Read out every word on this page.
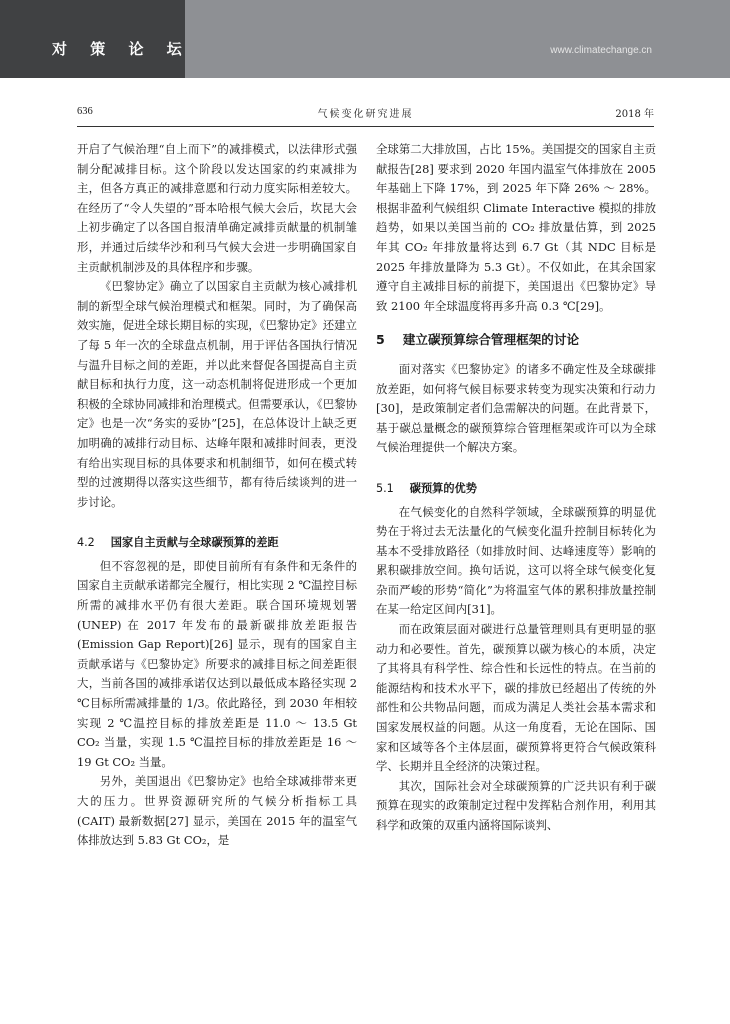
对 策 论 坛	www.climatechange.cn
636	气候变化研究进展	2018 年

开启了气候治理“自上而下”的减排模式，以法律形式强制分配减排目标。这个阶段以发达国家的约束减排为主，但各方真正的减排意愿和行动力度实际相差较大。在经历了“令人失望的”哥本哈根气候大会后，坎昆大会上初步确定了以各国自报清单确定减排贡献量的机制雏形，并通过后续华沙和利马气候大会进一步明确国家自主贡献机制涉及的具体程序和步骤。

《巴黎协定》确立了以国家自主贡献为核心减排机制的新型全球气候治理模式和框架。同时，为了确保高效实施，促进全球长期目标的实现，《巴黎协定》还建立了每 5 年一次的全球盘点机制，用于评估各国执行情况与温升目标之间的差距，并以此来督促各国提高自主贡献目标和执行力度，这一动态机制将促进形成一个更加积极的全球协同减排和治理模式。但需要承认，《巴黎协定》也是一次“务实的妥协”[25]，在总体设计上缺乏更加明确的减排行动目标、达峰年限和减排时间表，更没有给出实现目标的具体要求和机制细节，如何在模式转型的过渡期得以落实这些细节，都有待后续谈判的进一步讨论。

4.2 国家自主贡献与全球碳预算的差距

但不容忽视的是，即使目前所有有条件和无条件的国家自主贡献承诺都完全履行，相比实现 2 ℃温控目标所需的减排水平仍有很大差距。联合国环境规划署 (UNEP) 在 2017 年发布的最新碳排放差距报告 (Emission Gap Report)[26] 显示，现有的国家自主贡献承诺与《巴黎协定》所要求的减排目标之间差距很大，当前各国的减排承诺仅达到以最低成本路径实现 2 ℃目标所需减排量的 1/3。依此路径，到 2030 年相较实现 2 ℃温控目标的排放差距是 11.0 ～ 13.5 Gt CO₂ 当量，实现 1.5 ℃温控目标的排放差距是 16 ～ 19 Gt CO₂ 当量。

另外，美国退出《巴黎协定》也给全球减排带来更大的压力。世界资源研究所的气候分析指标工具 (CAIT) 最新数据[27] 显示，美国在 2015 年的温室气体排放达到 5.83 Gt CO₂，是

全球第二大排放国，占比 15%。美国提交的国家自主贡献报告[28] 要求到 2020 年国内温室气体排放在 2005 年基础上下降 17%，到 2025 年下降 26% ～ 28%。根据非盈利气候组织 Climate Interactive 模拟的排放趋势，如果以美国当前的 CO₂ 排放量估算，到 2025 年其 CO₂ 年排放量将达到 6.7 Gt（其 NDC 目标是 2025 年排放量降为 5.3 Gt）。不仅如此，在其余国家遵守自主减排目标的前提下，美国退出《巴黎协定》导致 2100 年全球温度将再多升高 0.3 ℃[29]。

5 建立碳预算综合管理框架的讨论

面对落实《巴黎协定》的诸多不确定性及全球碳排放差距，如何将气候目标要求转变为现实决策和行动力[30]，是政策制定者们急需解决的问题。在此背景下，基于碳总量概念的碳预算综合管理框架或许可以为全球气候治理提供一个解决方案。

5.1 碳预算的优势

在气候变化的自然科学领域，全球碳预算的明显优势在于将过去无法量化的气候变化温升控制目标转化为基本不受排放路径（如排放时间、达峰速度等）影响的累积碳排放空间。换句话说，这可以将全球气候变化复杂而严峻的形势“简化”为将温室气体的累积排放量控制在某一给定区间内[31]。

而在政策层面对碳进行总量管理则具有更明显的驱动力和必要性。首先，碳预算以碳为核心的本质，决定了其将具有科学性、综合性和长远性的特点。在当前的能源结构和技术水平下，碳的排放已经超出了传统的外部性和公共物品问题，而成为满足人类社会基本需求和国家发展权益的问题。从这一角度看，无论在国际、国家和区域等各个主体层面，碳预算将更符合气候政策科学、长期并且全经济的决策过程。

其次，国际社会对全球碳预算的广泛共识有利于碳预算在现实的政策制定过程中发挥粘合剂作用，利用其科学和政策的双重内涵将国际谈判、
